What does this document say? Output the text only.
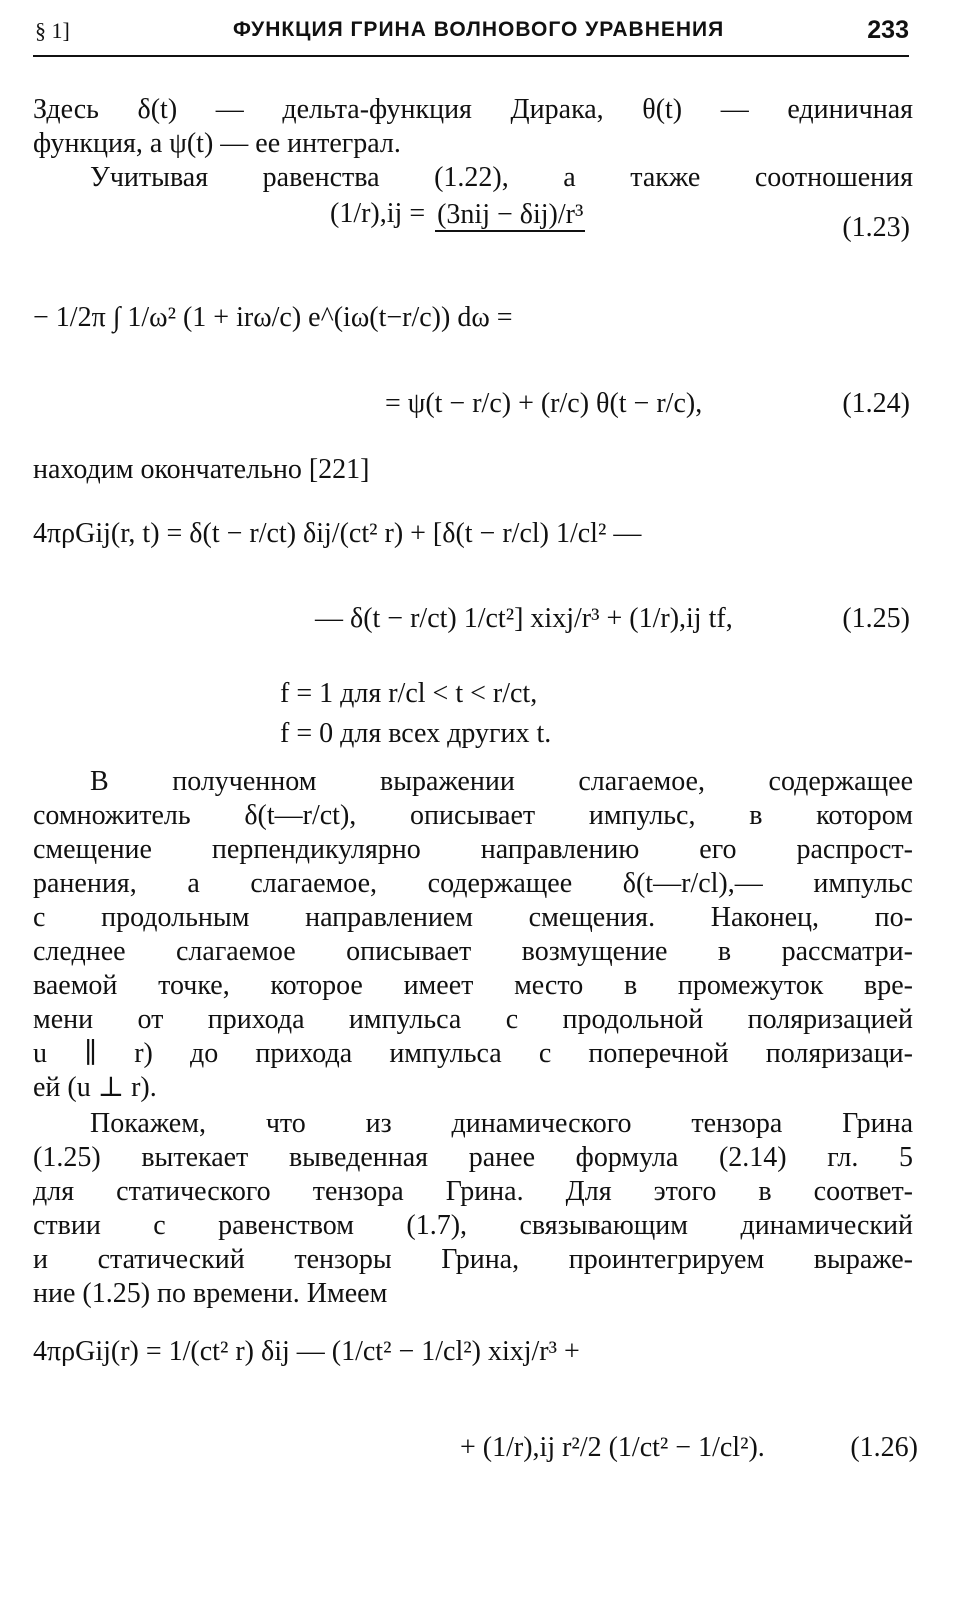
§ 1]	ФУНКЦИЯ ГРИНА ВОЛНОВОГО УРАВНЕНИЯ	233
Здесь δ(t) — дельта-функция Дирака, θ(t) — единичная
функция, а ψ(t) — ее интеграл.
Учитывая равенства (1.22), а также соотношения
(1/r),ij = (3nij − δij)/r³	(1.23)
− 1/2π ∫ 1/ω² (1 + irω/c) e^(iω(t−r/c)) dω =
= ψ(t − r/c) + (r/c) θ(t − r/c),	(1.24)
находим окончательно [221]
4πρGij(r, t) = δ(t − r/ct) δij/(ct² r) + [δ(t − r/cl) 1/cl² —
— δ(t − r/ct) 1/ct²] xixj/r³ + (1/r),ij tf,	(1.25)
f = 1 для r/cl < t < r/ct,
f = 0 для всех других t.
В полученном выражении слагаемое, содержащее
сомножитель δ(t—r/ct), описывает импульс, в котором
смещение перпендикулярно направлению его распрост-
ранения, а слагаемое, содержащее δ(t—r/cl),— импульс
с продольным направлением смещения. Наконец, по-
следнее слагаемое описывает возмущение в рассматри-
ваемой точке, которое имеет место в промежуток вре-
мени от прихода импульса с продольной поляризацией
u ∥ r) до прихода импульса с поперечной поляризаци-
ей (u ⊥ r).
Покажем, что из динамического тензора Грина
(1.25) вытекает выведенная ранее формула (2.14) гл. 5
для статического тензора Грина. Для этого в соответ-
ствии с равенством (1.7), связывающим динамический
и статический тензоры Грина, проинтегрируем выраже-
ние (1.25) по времени. Имеем
4πρGij(r) = 1/(ct² r) δij — (1/ct² − 1/cl²) xixj/r³ +
+ (1/r),ij r²/2 (1/ct² − 1/cl²).	(1.26)
